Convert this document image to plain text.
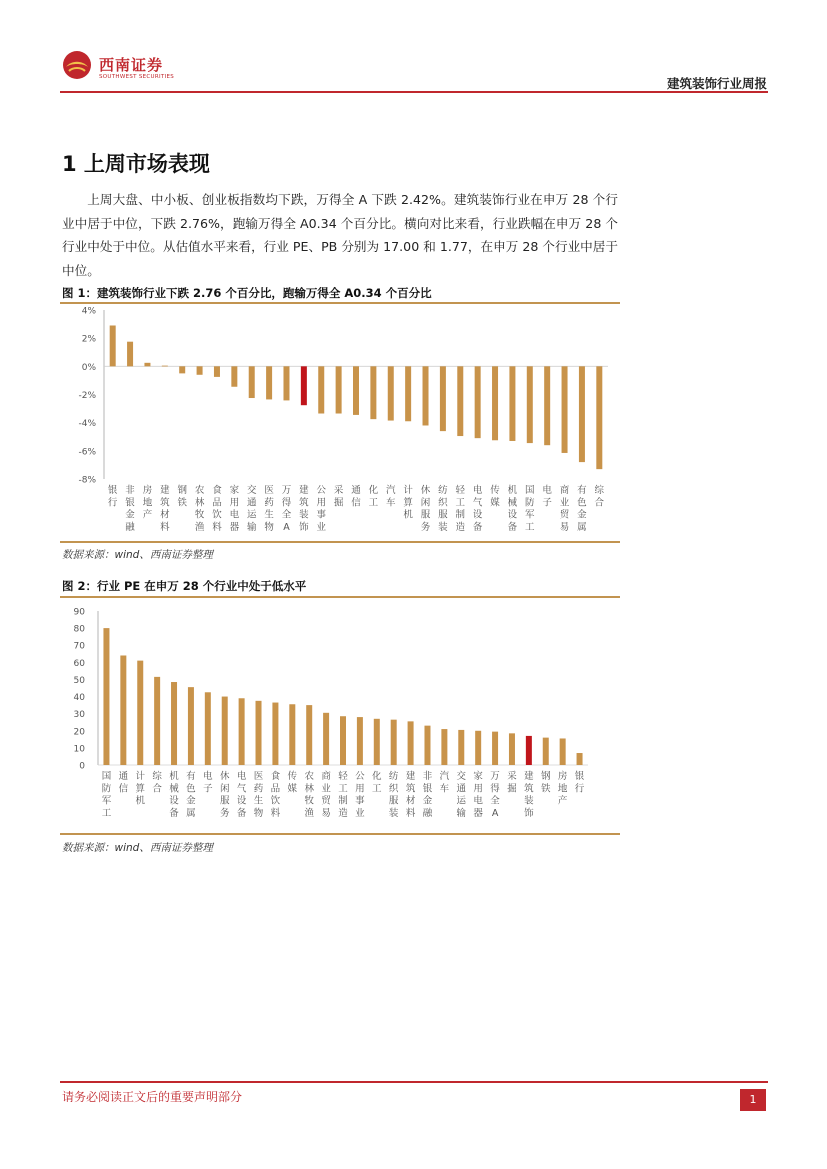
西南证券
SOUTHWEST SECURITIES	建筑装饰行业周报
1 上周市场表现
上周大盘、中小板、创业板指数均下跌，万得全 A 下跌 2.42%。建筑装饰行业在申万 28 个行业中居于中位，下跌 2.76%，跑输万得全 A0.34 个百分比。横向对比来看，行业跌幅在申万 28 个行业中处于中位。从估值水平来看，行业 PE、PB 分别为 17.00 和 1.77，在申万 28 个行业中居于中位。
图 1：建筑装饰行业下跌 2.76 个百分比，跑输万得全 A0.34 个百分比
4%
2%
0%
-2%
-4%
-6%
-8%
银行
非银金融
房地产
建筑材料
钢铁
农林牧渔
食品饮料
家用电器
交通运输
医药生物
万得全 A
建筑装饰
公用事业
采掘
通信
化工
汽车
计算机
休闲服务
纺织服装
轻工制造
电气设备
传媒
机械设备
国防军工
电子
商业贸易
有色金属
综合
数据来源：wind、西南证券整理
图 2：行业 PE 在申万 28 个行业中处于低水平
90
80
70
60
50
40
30
20
10
0
国防军工
通信
计算机
综合
机械设备
有色金属
电子
休闲服务
电气设备
医药生物
食品饮料
传媒
农林牧渔
商业贸易
轻工制造
公用事业
化工
纺织服装
建筑材料
非银金融
汽车
交通运输
家用电器
万得全 A
采掘
建筑装饰
钢铁
房地产
银行
数据来源：wind、西南证券整理
请务必阅读正文后的重要声明部分	1
